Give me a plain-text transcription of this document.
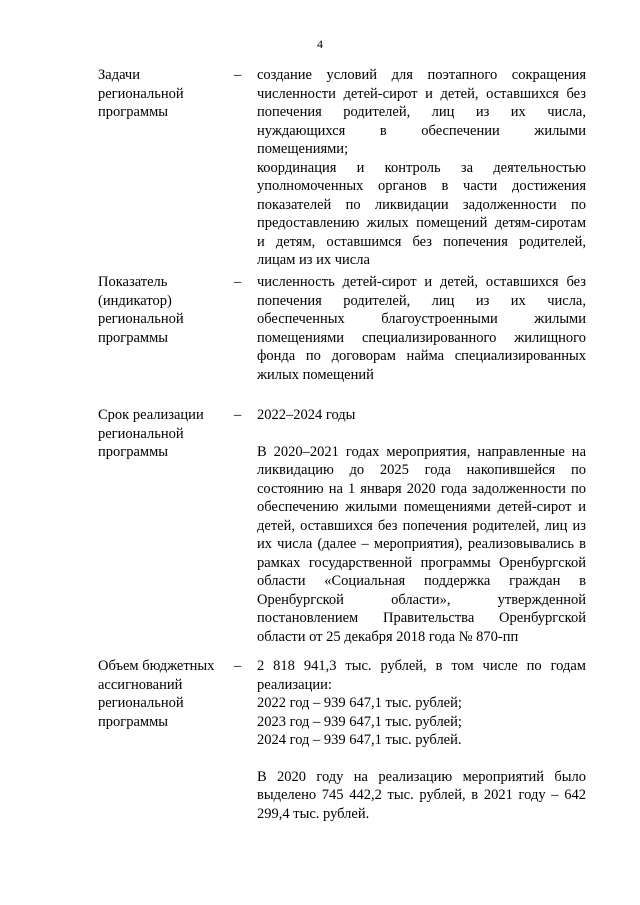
4
Задачи региональной программы
– создание условий для поэтапного сокращения численности детей-сирот и детей, оставшихся без попечения родителей, лиц из их числа, нуждающихся в обеспечении жилыми помещениями;

координация и контроль за деятельностью уполномоченных органов в части достижения показателей по ликвидации задолженности по предоставлению жилых помещений детям-сиротам и детям, оставшимся без попечения родителей, лицам из их числа

Показатель (индикатор) региональной программы
– численность детей-сирот и детей, оставшихся без попечения родителей, лиц из их числа, обеспеченных благоустроенными жилыми помещениями специализированного жилищного фонда по договорам найма специализированных жилых помещений

Срок реализации региональной программы
– 2022–2024 годы

В 2020–2021 годах мероприятия, направленные на ликвидацию до 2025 года накопившейся по состоянию на 1 января 2020 года задолженности по обеспечению жилыми помещениями детей-сирот и детей, оставшихся без попечения родителей, лиц из их числа (далее – мероприятия), реализовывались в рамках государственной программы Оренбургской области «Социальная поддержка граждан в Оренбургской области», утвержденной постановлением Правительства Оренбургской области от 25 декабря 2018 года № 870-пп

Объем бюджетных ассигнований региональной программы
– 2 818 941,3 тыс. рублей, в том числе по годам реализации:

2022 год – 939 647,1 тыс. рублей;

2023 год – 939 647,1 тыс. рублей;

2024 год – 939 647,1 тыс. рублей.

В 2020 году на реализацию мероприятий было выделено 745 442,2 тыс. рублей, в 2021 году – 642 299,4 тыс. рублей.
